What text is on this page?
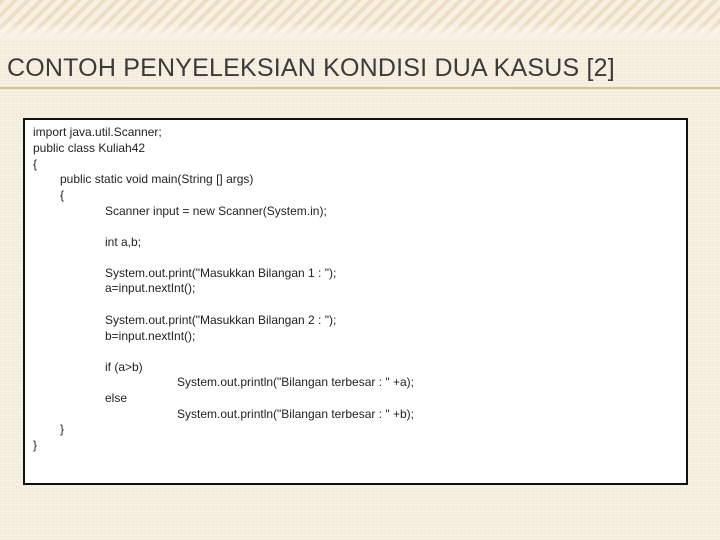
CONTOH PENYELEKSIAN KONDISI DUA KASUS [2]
import java.util.Scanner;
public class Kuliah42
{
public static void main(String [] args)
{
Scanner input = new Scanner(System.in);
int a,b;
System.out.print("Masukkan Bilangan 1 : ");
a=input.nextInt();
System.out.print("Masukkan Bilangan 2 : ");
b=input.nextInt();
if (a>b)
System.out.println("Bilangan terbesar : " +a);
else
System.out.println("Bilangan terbesar : " +b);
}
}
